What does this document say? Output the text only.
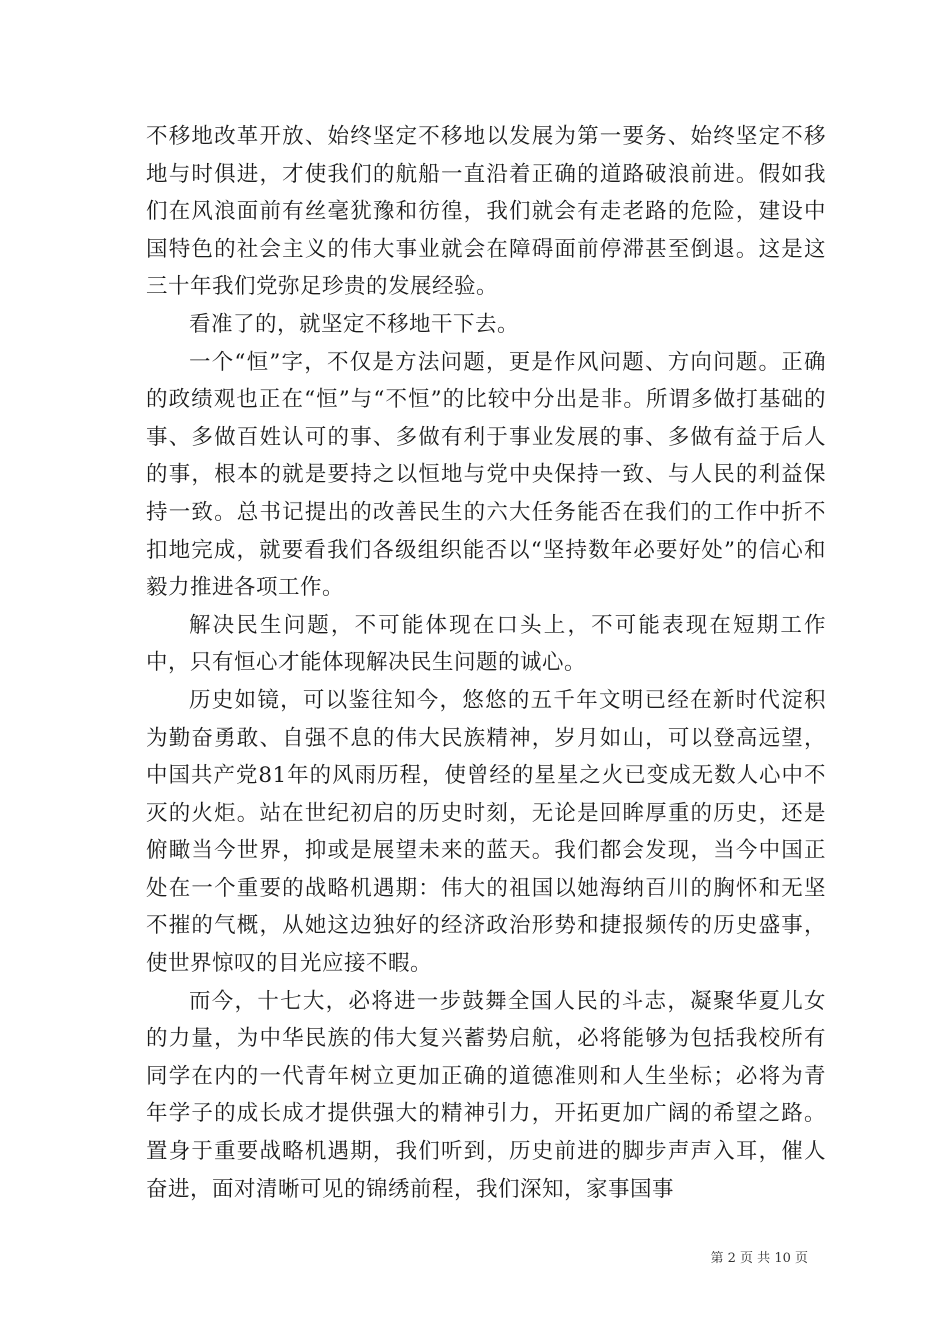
不移地改革开放、始终坚定不移地以发展为第一要务、始终坚定不移地与时俱进，才使我们的航船一直沿着正确的道路破浪前进。假如我们在风浪面前有丝毫犹豫和彷徨，我们就会有走老路的危险，建设中国特色的社会主义的伟大事业就会在障碍面前停滞甚至倒退。这是这三十年我们党弥足珍贵的发展经验。

看准了的，就坚定不移地干下去。

一个“恒”字，不仅是方法问题，更是作风问题、方向问题。正确的政绩观也正在“恒”与“不恒”的比较中分出是非。所谓多做打基础的事、多做百姓认可的事、多做有利于事业发展的事、多做有益于后人的事，根本的就是要持之以恒地与党中央保持一致、与人民的利益保持一致。总书记提出的改善民生的六大任务能否在我们的工作中折不扣地完成，就要看我们各级组织能否以“坚持数年必要好处”的信心和毅力推进各项工作。

解决民生问题，不可能体现在口头上，不可能表现在短期工作中，只有恒心才能体现解决民生问题的诚心。

历史如镜，可以鉴往知今，悠悠的五千年文明已经在新时代淀积为勤奋勇敢、自强不息的伟大民族精神，岁月如山，可以登高远望，中国共产党81年的风雨历程，使曾经的星星之火已变成无数人心中不灭的火炬。站在世纪初启的历史时刻，无论是回眸厚重的历史，还是俯瞰当今世界，抑或是展望未来的蓝天。我们都会发现，当今中国正处在一个重要的战略机遇期：伟大的祖国以她海纳百川的胸怀和无坚不摧的气概，从她这边独好的经济政治形势和捷报频传的历史盛事，使世界惊叹的目光应接不暇。

而今，十七大，必将进一步鼓舞全国人民的斗志，凝聚华夏儿女的力量，为中华民族的伟大复兴蓄势启航，必将能够为包括我校所有同学在内的一代青年树立更加正确的道德准则和人生坐标；必将为青年学子的成长成才提供强大的精神引力，开拓更加广阔的希望之路。置身于重要战略机遇期，我们听到，历史前进的脚步声声入耳，催人奋进，面对清晰可见的锦绣前程，我们深知，家事国事

第 2 页 共 10 页
